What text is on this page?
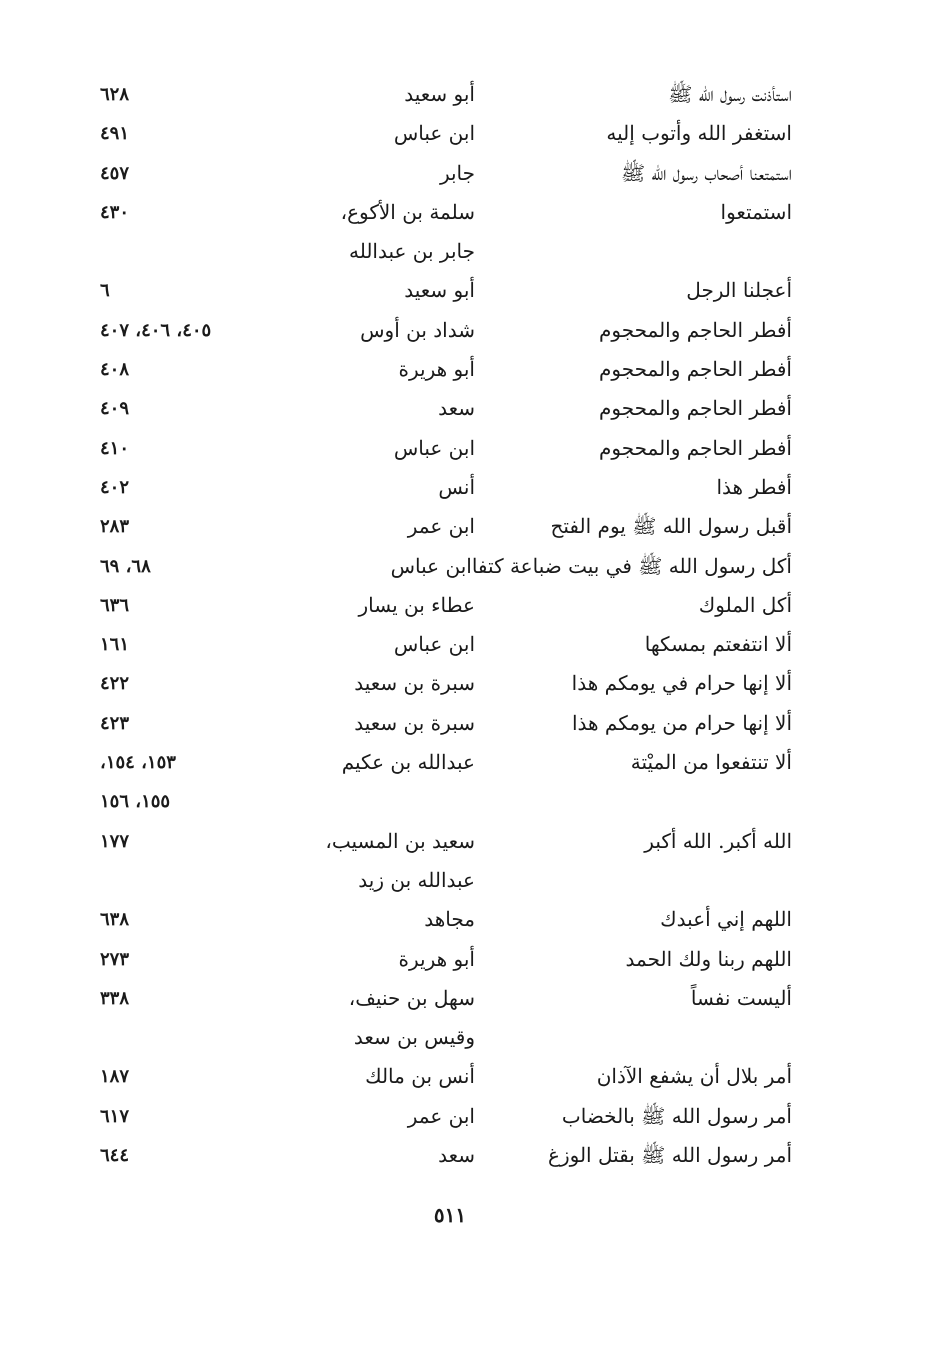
استأذنت رسول الله ﷺ
أبو سعيد
٦٢٨
استغفر الله وأتوب إليه
ابن عباس
٤٩١
استمتعنا أصحاب رسول الله ﷺ
جابر
٤٥٧
استمتعوا
سلمة بن الأكوع،
٤٣٠
جابر بن عبدالله
أعجلنا الرجل
أبو سعيد
٦
أفطر الحاجم والمحجوم
شداد بن أوس
٤٠٥، ٤٠٦، ٤٠٧
أفطر الحاجم والمحجوم
أبو هريرة
٤٠٨
أفطر الحاجم والمحجوم
سعد
٤٠٩
أفطر الحاجم والمحجوم
ابن عباس
٤١٠
أفطر هذا
أنس
٤٠٢
أقبل رسول الله ﷺ يوم الفتح
ابن عمر
٢٨٣
أكل رسول الله ﷺ في بيت ضباعة كتفاابن عباس
٦٨، ٦٩
أكل الملوك
عطاء بن يسار
٦٣٦
ألا انتفعتم بمسكها
ابن عباس
١٦١
ألا إنها حرام في يومكم هذا
سبرة بن سعيد
٤٢٢
ألا إنها حرام من يومكم هذا
سبرة بن سعيد
٤٢٣
ألا تنتفعوا من الميْتة
عبدالله بن عكيم
١٥٣، ١٥٤،
١٥٥، ١٥٦
الله أكبر. الله أكبر
سعيد بن المسيب،
١٧٧
عبدالله بن زيد
اللهم إني أعبدك
مجاهد
٦٣٨
اللهم ربنا ولك الحمد
أبو هريرة
٢٧٣
أليست نفساً
سهل بن حنيف،
٣٣٨
وقيس بن سعد
أمر بلال أن يشفع الآذان
أنس بن مالك
١٨٧
أمر رسول الله ﷺ بالخضاب
ابن عمر
٦١٧
أمر رسول الله ﷺ بقتل الوزغ
سعد
٦٤٤
٥١١
